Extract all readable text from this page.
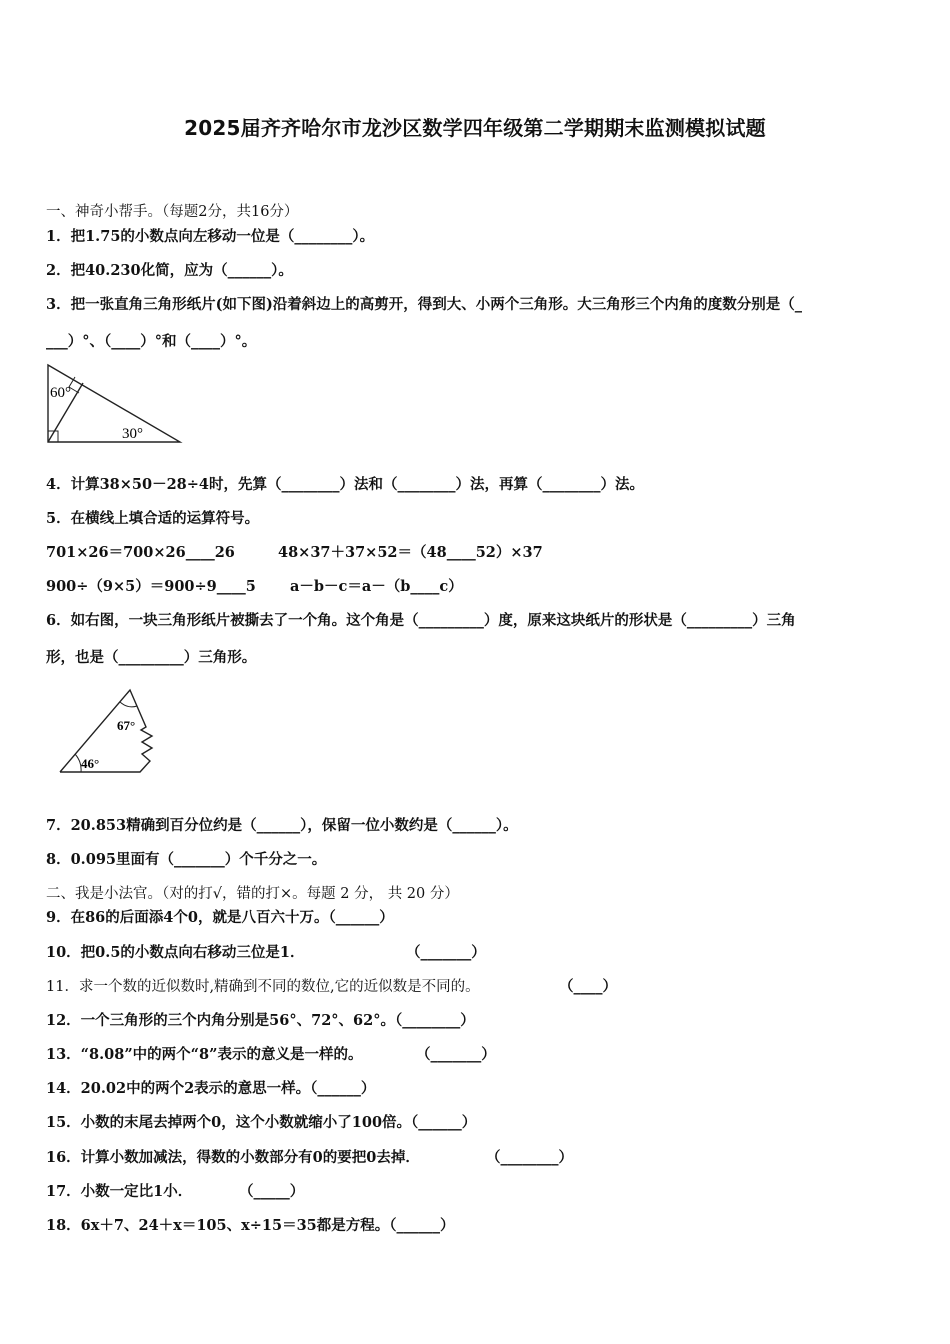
2025届齐齐哈尔市龙沙区数学四年级第二学期期末监测模拟试题
一、神奇小帮手。（每题2分，共16分）
1．把1.75的小数点向左移动一位是（________）。
2．把40.230化简，应为（______）。
3．把一张直角三角形纸片(如下图)沿着斜边上的高剪开，得到大、小两个三角形。大三角形三个内角的度数分别是（_
___）°、（____）°和（____）°。
60°
30°
4．计算38×50－28÷4时，先算（________）法和（________）法，再算（________）法。
5．在横线上填合适的运算符号。
701×26＝700×26____26	48×37＋37×52＝（48____52）×37
900÷（9×5）＝900÷9____5 a－b－c＝a－（b____c）
6．如右图，一块三角形纸片被撕去了一个角。这个角是（_________）度，原来这块纸片的形状是（_________）三角
形，也是（_________）三角形。
67°
46°
7．20.853精确到百分位约是（______），保留一位小数约是（______）。
8．0.095里面有（_______）个千分之一。
二、我是小法官。（对的打√，错的打×。每题 2 分， 共 20 分）
9．在86的后面添4个0，就是八百六十万。（______）
10．把0.5的小数点向右移动三位是1．	（_______）
11．求一个数的近似数时,精确到不同的数位,它的近似数是不同的。	（____）
12．一个三角形的三个内角分别是56°、72°、62°。（________）
13．“8.08”中的两个“8”表示的意义是一样的。	（_______）
14．20.02中的两个2表示的意思一样。（______）
15．小数的末尾去掉两个0，这个小数就缩小了100倍。（______）
16．计算小数加减法，得数的小数部分有0的要把0去掉．	（________）
17．小数一定比1小．	（_____）
18．6x＋7、24＋x＝105、x÷15＝35都是方程。（______）
